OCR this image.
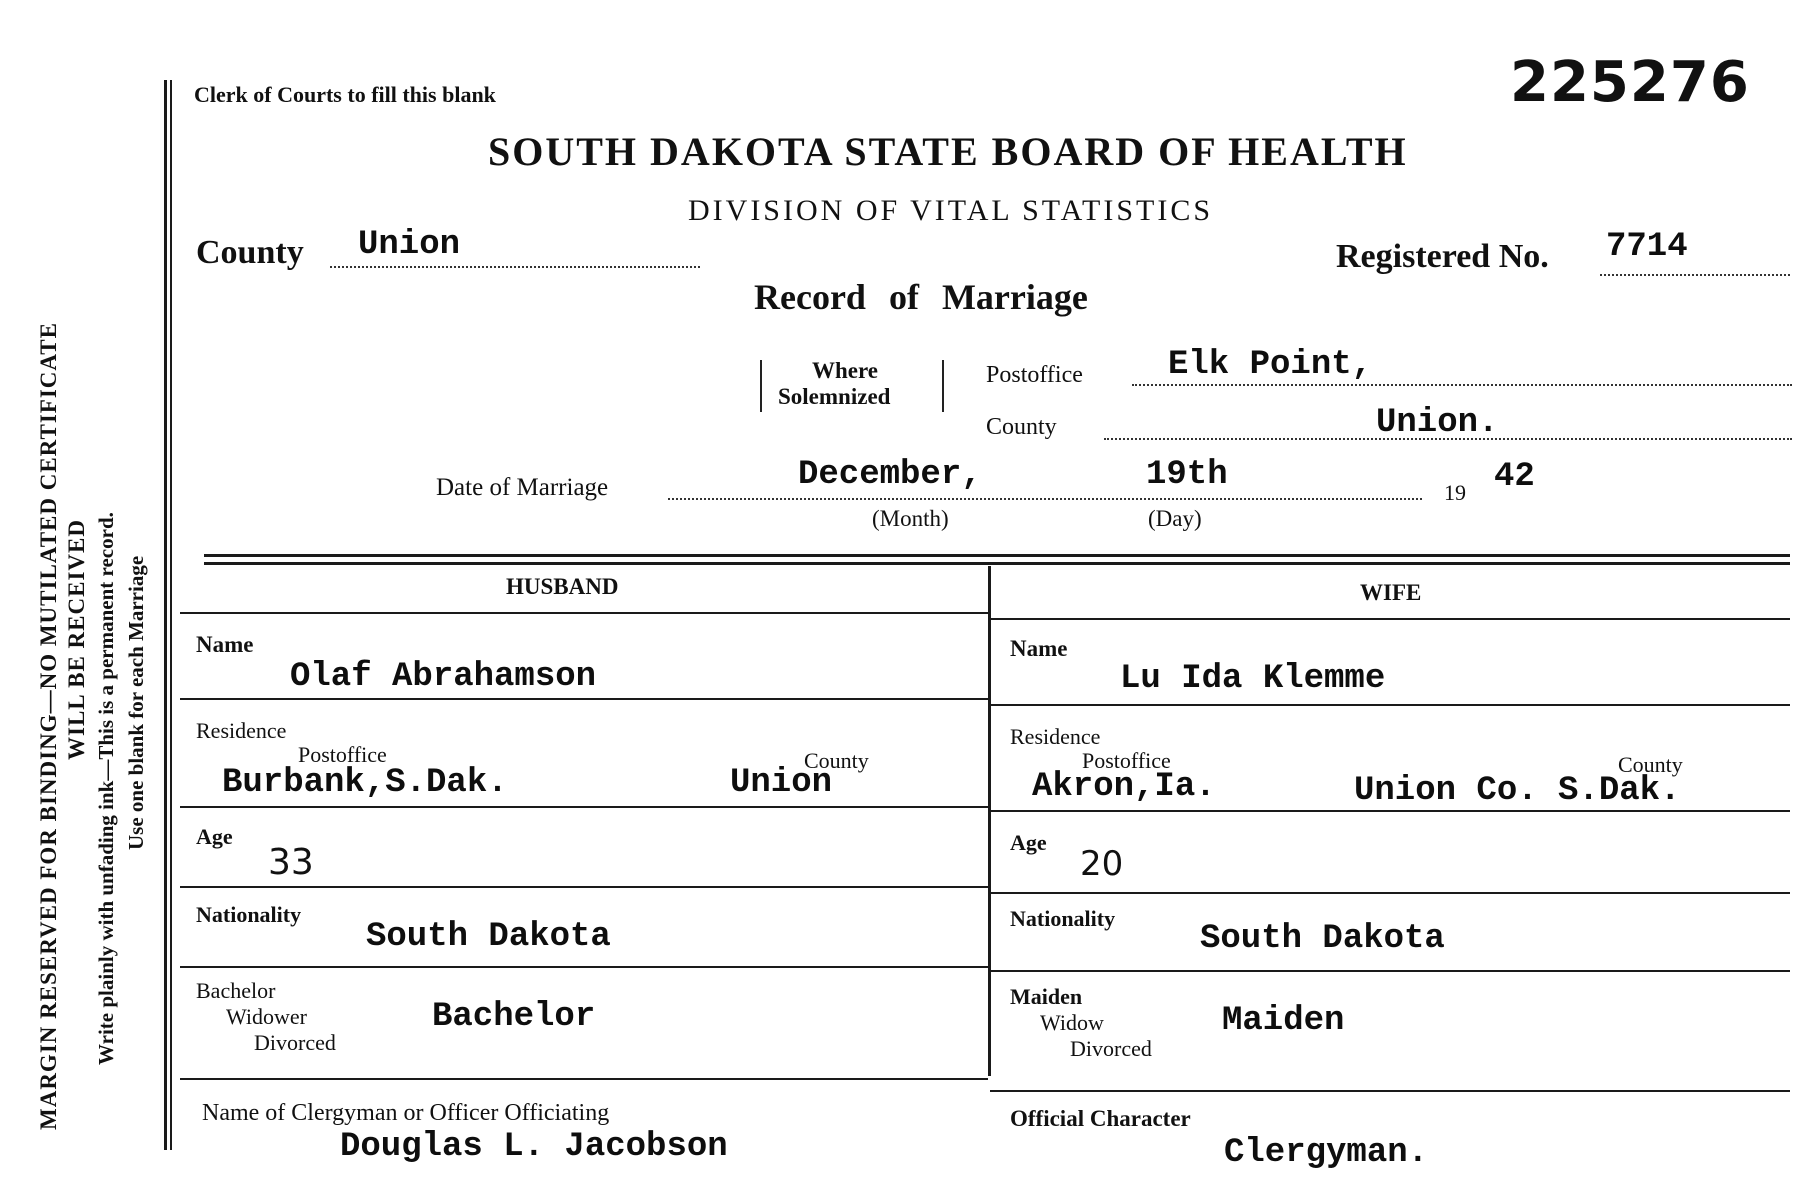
MARGIN RESERVED FOR BINDING—NO MUTILATED CERTIFICATE WILL BE RECEIVED Write plainly with unfading ink—This is a permanent record. Use one blank for each Marriage
Clerk of Courts to fill this blank	225276
SOUTH DAKOTA STATE BOARD OF HEALTH
DIVISION OF VITAL STATISTICS
County Union
Record of Marriage
Registered No. 7714
Where
Solemnized
Postoffice	Elk Point,
County	Union.
Date of Marriage	December,
(Month)
19th
(Day)
19 42
HUSBAND	WIFE
Name
Olaf Abrahamson
Residence
Postoffice	County
Burbank,S.Dak.	Union
Age
33
Nationality
South Dakota
Bachelor
Widower
Divorced
Bachelor
Name
Lu Ida Klemme
Residence
Postoffice	County
Akron,Ia.	Union Co. S.Dak.
Age
20
Nationality
South Dakota
Maiden
Widow
Divorced
Maiden
Name of Clergyman or Officer Officiating
Douglas L. Jacobson
Official Character
Clergyman.
